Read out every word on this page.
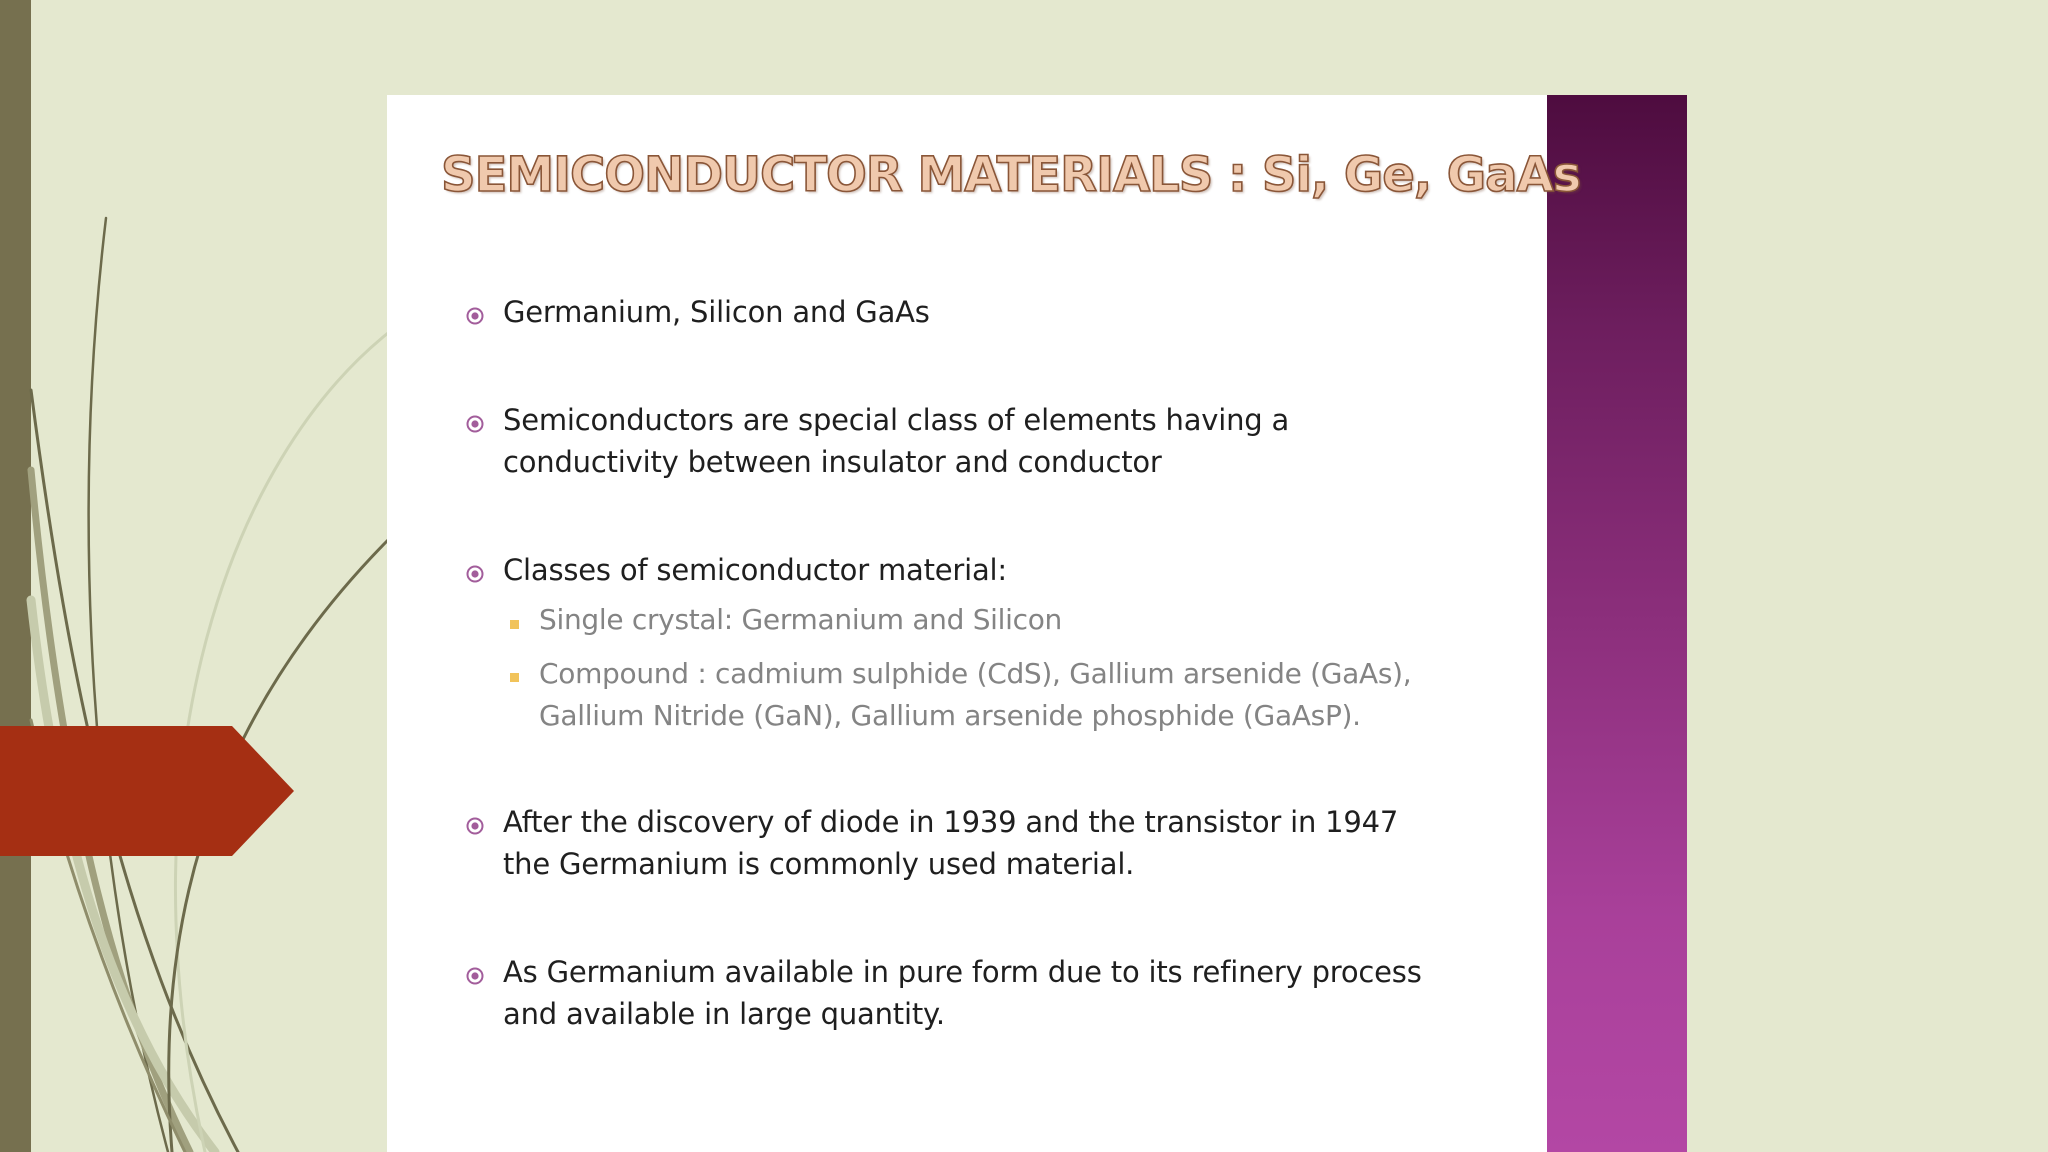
SEMICONDUCTOR MATERIALS : Si, Ge, GaAs

Germanium, Silicon and GaAs

Semiconductors are special class of elements having a
conductivity between insulator and conductor

Classes of semiconductor material:

Single crystal: Germanium and Silicon

Compound : cadmium sulphide (CdS), Gallium arsenide (GaAs),
Gallium Nitride (GaN), Gallium arsenide phosphide (GaAsP).

After the discovery of diode in 1939 and the transistor in 1947
the Germanium is commonly used material.

As Germanium available in pure form due to its refinery process
and available in large quantity.
